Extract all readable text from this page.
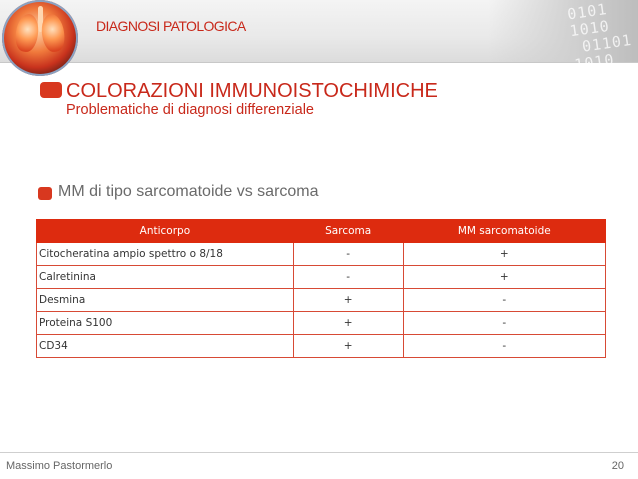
DIAGNOSI PATOLOGICA
0101
1010
01101
1010
01
COLORAZIONI IMMUNOISTOCHIMICHE
Problematiche di diagnosi differenziale
MM di tipo sarcomatoide vs sarcoma
Anticorpo	Sarcoma	MM sarcomatoide
Citocheratina ampio spettro o 8/18	-	+
Calretinina	-	+
Desmina	+	-
Proteina S100	+	-
CD34	+	-
Massimo Pastormerlo	20
